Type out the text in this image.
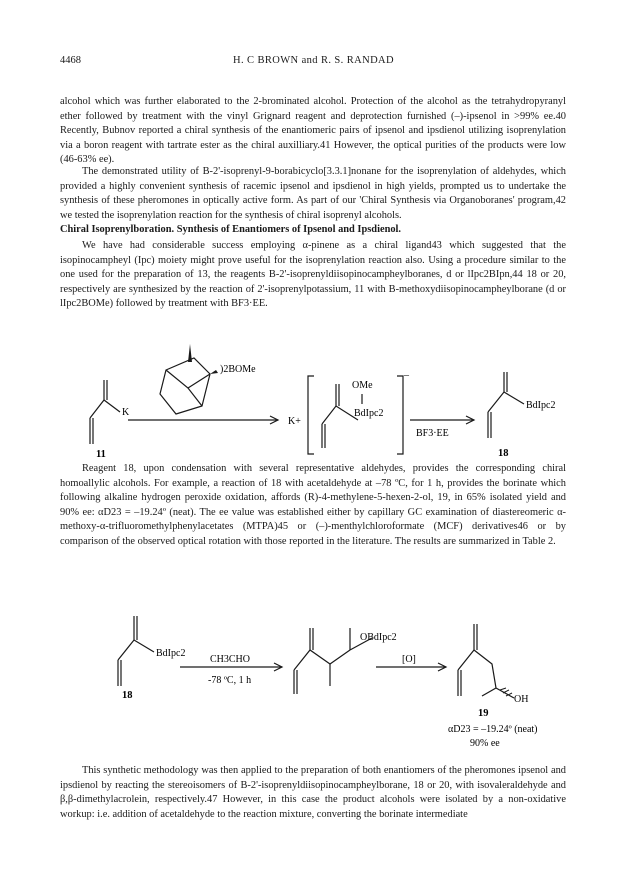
4468	H. C BROWN and R. S. RANDAD

alcohol which was further elaborated to the 2-brominated alcohol. Protection of the alcohol as the tetrahydropyranyl ether followed by treatment with the vinyl Grignard reagent and deprotection furnished (–)-ipsenol in >99% ee.40 Recently, Bubnov reported a chiral synthesis of the enantiomeric pairs of ipsenol and ipsdienol utilizing isoprenylation via a boron reagent with tartrate ester as the chiral auxilliary.41 However, the optical purities of the products were low (46-63% ee).

The demonstrated utility of B-2'-isoprenyl-9-borabicyclo[3.3.1]nonane for the isoprenylation of aldehydes, which provided a highly convenient synthesis of racemic ipsenol and ipsdienol in high yields, prompted us to undertake the synthesis of these pheromones in optically active form. As part of our 'Chiral Synthesis via Organoboranes' program,42 we tested the isoprenylation reaction for the synthesis of chiral isoprenyl alcohols.

Chiral Isoprenylboration. Synthesis of Enantiomers of Ipsenol and Ipsdienol.

We have had considerable success employing α-pinene as a chiral ligand43 which suggested that the isopinocampheyl (Ipc) moiety might prove useful for the isoprenylation reaction also. Using a procedure similar to the one used for the preparation of 13, the reagents B-2'-isoprenyldiisopinocampheylboranes, d or lIpc2BIpn,44 18 or 20, respectively are synthesized by the reaction of 2'-isoprenylpotassium, 11 with B-methoxydiisopinocampheylborane (d or lIpc2BOMe) followed by treatment with BF3·EE.

K
11
)2BOMe
K+
OMe
BdIpc2
–
BF3·EE
BdIpc2
18

Reagent 18, upon condensation with several representative aldehydes, provides the corresponding chiral homoallylic alcohols. For example, a reaction of 18 with acetaldehyde at –78 ºC, for 1 h, provides the borinate which following alkaline hydrogen peroxide oxidation, affords (R)-4-methylene-5-hexen-2-ol, 19, in 65% isolated yield and 90% ee: αD23 = –19.24º (neat). The ee value was established either by capillary GC examination of diastereomeric α-methoxy-α-trifluoromethylphenylacetates (MTPA)45 or (–)-menthylchloroformate (MCF) derivatives46 or by comparison of the observed optical rotation with those reported in the literature. The results are summarized in Table 2.

BdIpc2
CH3CHO
-78 ºC, 1 h
18
OBdIpc2
[O]
OH
19
αD23 = –19.24º (neat)
90% ee

This synthetic methodology was then applied to the preparation of both enantiomers of the pheromones ipsenol and ipsdienol by reacting the stereoisomers of B-2'-isoprenyldiisopinocampheylborane, 18 or 20, with isovaleraldehyde and β,β-dimethylacrolein, respectively.47 However, in this case the product alcohols were isolated by a non-oxidative workup: i.e. addition of acetaldehyde to the reaction mixture, converting the borinate intermediate
